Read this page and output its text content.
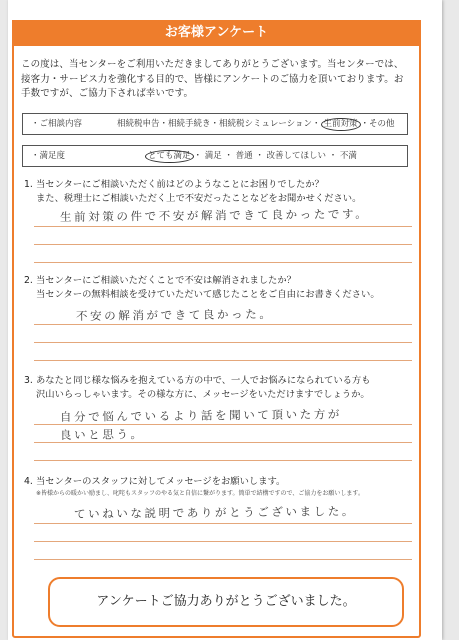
お客様アンケート
この度は、当センターをご利用いただきましてありがとうございます。当センターでは、接客力・サービス力を強化する目的で、皆様にアンケートのご協力を頂いております。お手数ですが、ご協力下されば幸いです。
・ご相談内容	相続税申告・相続手続き・相続税シミュレーション・ 生前対策 ・その他
・満足度	とても満足 ・ 満足 ・ 普通 ・ 改善してほしい ・ 不満
1. 当センターにご相談いただく前はどのようなことにお困りでしたか？
また、税理士にご相談いただく上で不安だったことなどをお聞かせください。
生前対策の件で不安が解消できて良かったです。
2. 当センターにご相談いただくことで不安は解消されましたか？
当センターの無料相談を受けていただいて感じたことをご自由にお書きください。
不安の解消ができて良かった。
3. あなたと同じ様な悩みを抱えている方の中で、一人でお悩みになられている方も
沢山いらっしゃいます。その様な方に、メッセージをいただけますでしょうか。
自分で悩んでいるより話を聞いて頂いた方が
良いと思う。
4. 当センターのスタッフに対してメッセージをお願いします。
※皆様からの暖かい励まし、叱咤もスタッフのやる気と自信に繋がります。簡単で結構ですので、ご協力をお願いします。
ていねいな説明でありがとうございました。
アンケートご協力ありがとうございました。
